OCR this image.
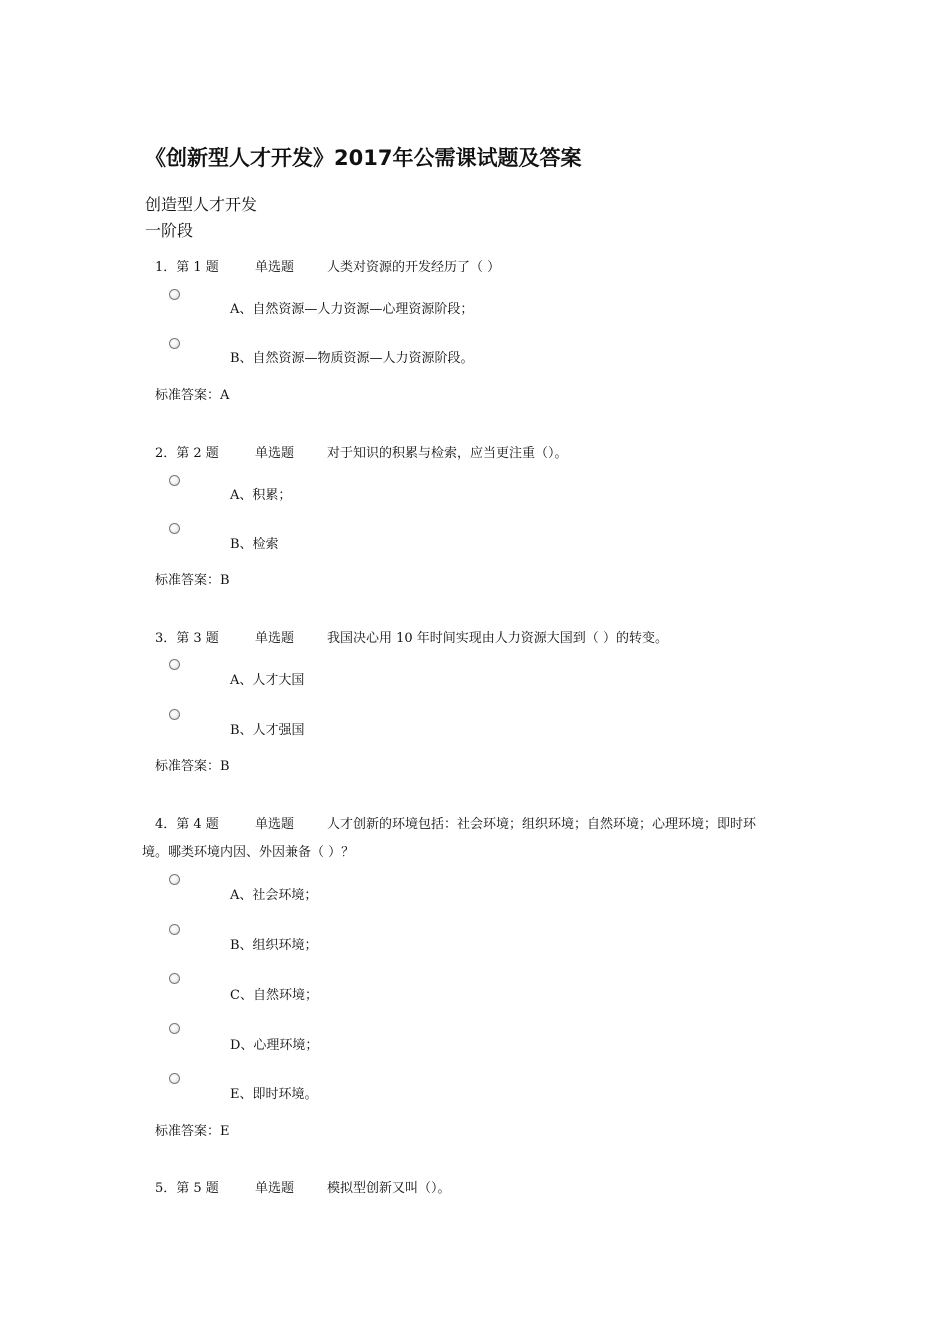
《创新型人才开发》2017年公需课试题及答案
创造型人才开发
一阶段
1．第 1 题	单选题	人类对资源的开发经历了（ ）
A、自然资源—人力资源—心理资源阶段；
B、自然资源—物质资源—人力资源阶段。
标准答案：A
2．第 2 题	单选题	对于知识的积累与检索，应当更注重（）。
A、积累；
B、检索
标准答案：B
3．第 3 题	单选题	我国决心用 10 年时间实现由人力资源大国到（ ）的转变。
A、人才大国
B、人才强国
标准答案：B
4．第 4 题	单选题	人才创新的环境包括：社会环境；组织环境；自然环境；心理环境；即时环
境。哪类环境内因、外因兼备（ ）？
A、社会环境；
B、组织环境；
C、自然环境；
D、心理环境；
E、即时环境。
标准答案：E
5．第 5 题	单选题	模拟型创新又叫（）。
